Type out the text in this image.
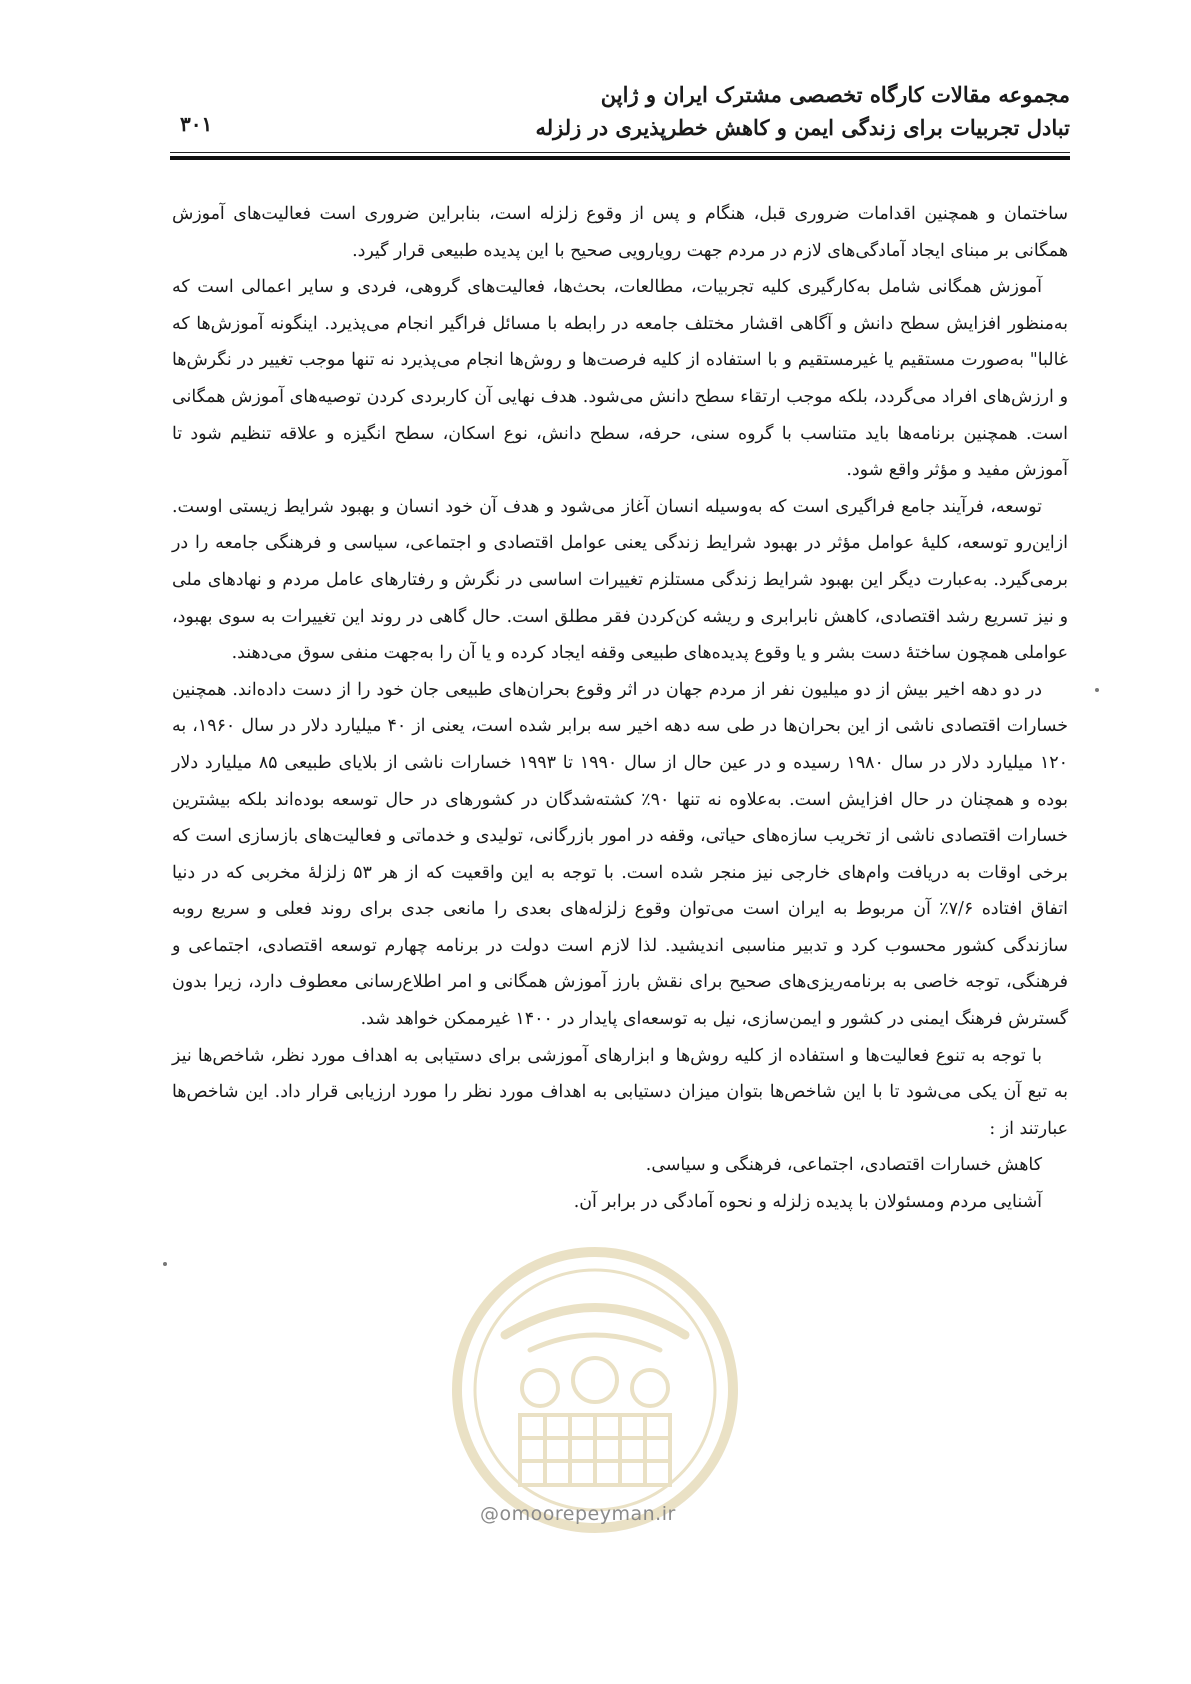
مجموعه مقالات کارگاه تخصصی مشترک ایران و ژاپن
تبادل تجربیات برای زندگی ایمن و کاهش خطرپذیری در زلزله
۳۰۱

ساختمان و همچنین اقدامات ضروری قبل، هنگام و پس از وقوع زلزله است، بنابراین ضروری است فعالیت‌های آموزش همگانی بر مبنای ایجاد آمادگی‌های لازم در مردم جهت رویارویی صحیح با این پدیده طبیعی قرار گیرد.

آموزش همگانی شامل به‌کارگیری کلیه تجربیات، مطالعات، بحث‌ها، فعالیت‌های گروهی، فردی و سایر اعمالی است که به‌منظور افزایش سطح دانش و آگاهی اقشار مختلف جامعه در رابطه با مسائل فراگیر انجام می‌پذیرد. اینگونه آموزش‌ها که غالبا" به‌صورت مستقیم یا غیرمستقیم و با استفاده از کلیه فرصت‌ها و روش‌ها انجام می‌پذیرد نه تنها موجب تغییر در نگرش‌ها و ارزش‌های افراد می‌گردد، بلکه موجب ارتقاء سطح دانش می‌شود. هدف نهایی آن کاربردی کردن توصیه‌های آموزش همگانی است. همچنین برنامه‌ها باید متناسب با گروه سنی، حرفه، سطح دانش، نوع اسکان، سطح انگیزه و علاقه تنظیم شود تا آموزش مفید و مؤثر واقع شود.

توسعه، فرآیند جامع فراگیری است که به‌وسیله انسان آغاز می‌شود و هدف آن خود انسان و بهبود شرایط زیستی اوست. ازاین‌رو توسعه، کلیهٔ عوامل مؤثر در بهبود شرایط زندگی یعنی عوامل اقتصادی و اجتماعی، سیاسی و فرهنگی جامعه را در برمی‌گیرد. به‌عبارت دیگر این بهبود شرایط زندگی مستلزم تغییرات اساسی در نگرش و رفتارهای عامل مردم و نهادهای ملی و نیز تسریع رشد اقتصادی، کاهش نابرابری و ریشه کن‌کردن فقر مطلق است. حال گاهی در روند این تغییرات به سوی بهبود، عواملی همچون ساختهٔ دست بشر و یا وقوع پدیده‌های طبیعی وقفه ایجاد کرده و یا آن را به‌جهت منفی سوق می‌دهند.

در دو دهه اخیر بیش از دو میلیون نفر از مردم جهان در اثر وقوع بحران‌های طبیعی جان خود را از دست داده‌اند. همچنین خسارات اقتصادی ناشی از این بحران‌ها در طی سه دهه اخیر سه برابر شده است، یعنی از ۴۰ میلیارد دلار در سال ۱۹۶۰، به ۱۲۰ میلیارد دلار در سال ۱۹۸۰ رسیده و در عین حال از سال ۱۹۹۰ تا ۱۹۹۳ خسارات ناشی از بلایای طبیعی ۸۵ میلیارد دلار بوده و همچنان در حال افزایش است. به‌علاوه نه تنها ۹۰٪ کشته‌شدگان در کشورهای در حال توسعه بوده‌اند بلکه بیشترین خسارات اقتصادی ناشی از تخریب سازه‌های حیاتی، وقفه در امور بازرگانی، تولیدی و خدماتی و فعالیت‌های بازسازی است که برخی اوقات به دریافت وام‌های خارجی نیز منجر شده است. با توجه به این واقعیت که از هر ۵۳ زلزلهٔ مخربی که در دنیا اتفاق افتاده ۷/۶٪ آن مربوط به ایران است می‌توان وقوع زلزله‌های بعدی را مانعی جدی برای روند فعلی و سریع روبه سازندگی کشور محسوب کرد و تدبیر مناسبی اندیشید. لذا لازم است دولت در برنامه چهارم توسعه اقتصادی، اجتماعی و فرهنگی، توجه خاصی به برنامه‌ریزی‌های صحیح برای نقش بارز آموزش همگانی و امر اطلاع‌رسانی معطوف دارد، زیرا بدون گسترش فرهنگ ایمنی در کشور و ایمن‌سازی، نیل به توسعه‌ای پایدار در ۱۴۰۰ غیرممکن خواهد شد.

با توجه به تنوع فعالیت‌ها و استفاده از کلیه روش‌ها و ابزارهای آموزشی برای دستیابی به اهداف مورد نظر، شاخص‌ها نیز به تبع آن یکی می‌شود تا با این شاخص‌ها بتوان میزان دستیابی به اهداف مورد نظر را مورد ارزیابی قرار داد. این شاخص‌ها عبارتند از :

کاهش خسارات اقتصادی، اجتماعی، فرهنگی و سیاسی.
آشنایی مردم ومسئولان با پدیده زلزله و نحوه آمادگی در برابر آن.
@omoorepeyman.ir
